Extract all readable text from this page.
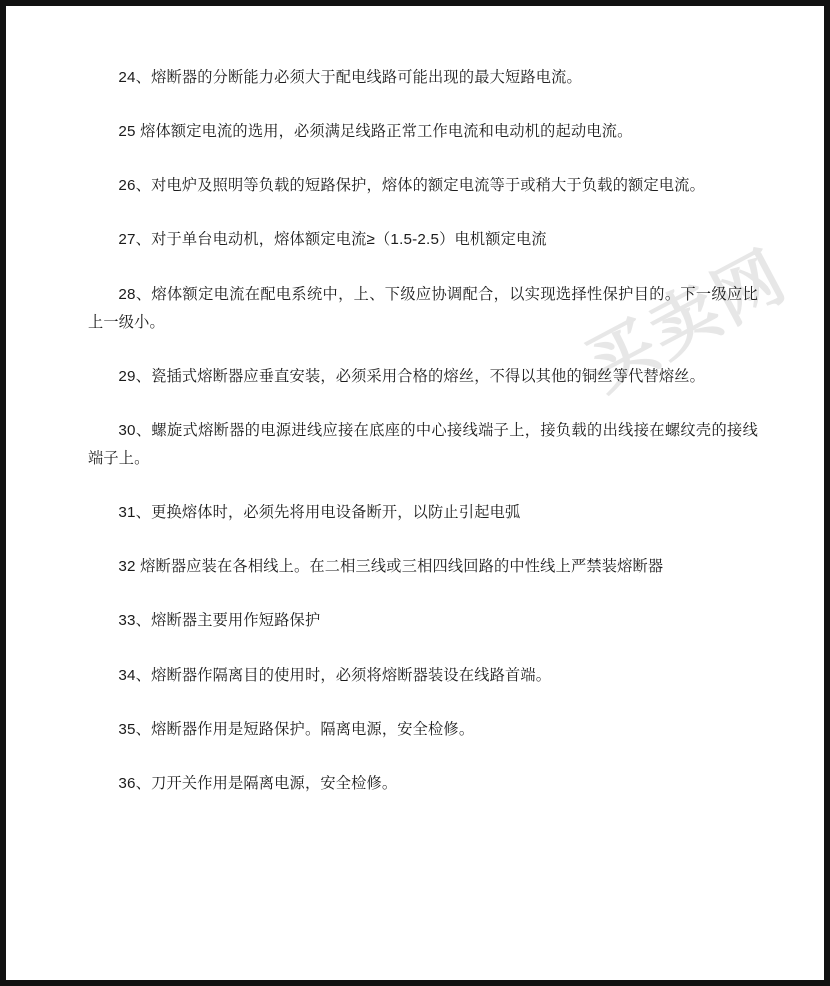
买卖网

24、熔断器的分断能力必须大于配电线路可能出现的最大短路电流。

25 熔体额定电流的选用，必须满足线路正常工作电流和电动机的起动电流。

26、对电炉及照明等负载的短路保护，熔体的额定电流等于或稍大于负载的额定电流。

27、对于单台电动机，熔体额定电流≥（1.5-2.5）电机额定电流

28、熔体额定电流在配电系统中，上、下级应协调配合，以实现选择性保护目的。下一级应比上一级小。

29、瓷插式熔断器应垂直安装，必须采用合格的熔丝，不得以其他的铜丝等代替熔丝。

30、螺旋式熔断器的电源进线应接在底座的中心接线端子上，接负载的出线接在螺纹壳的接线端子上。

31、更换熔体时，必须先将用电设备断开，以防止引起电弧

32 熔断器应装在各相线上。在二相三线或三相四线回路的中性线上严禁装熔断器

33、熔断器主要用作短路保护

34、熔断器作隔离目的使用时，必须将熔断器装设在线路首端。

35、熔断器作用是短路保护。隔离电源，安全检修。

36、刀开关作用是隔离电源，安全检修。
